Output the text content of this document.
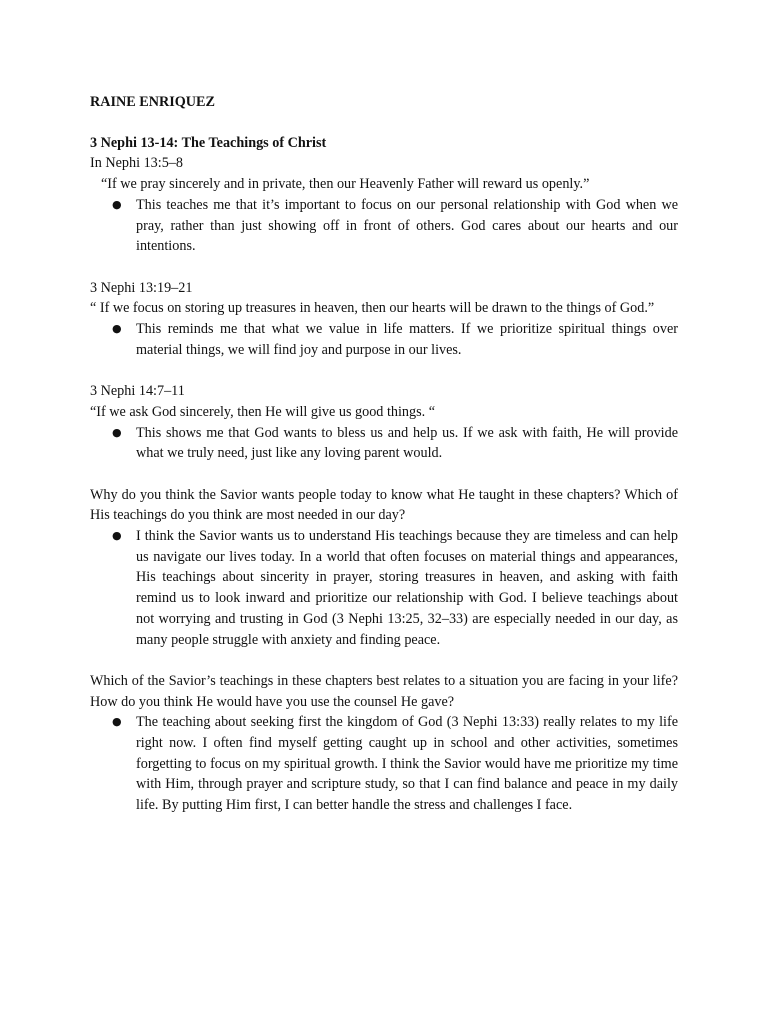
RAINE ENRIQUEZ

3 Nephi 13-14: The Teachings of Christ

In Nephi 13:5–8

“If we pray sincerely and in private, then our Heavenly Father will reward us openly.”

● This teaches me that it’s important to focus on our personal relationship with God when we pray, rather than just showing off in front of others. God cares about our hearts and our intentions.

3 Nephi 13:19–21

“ If we focus on storing up treasures in heaven, then our hearts will be drawn to the things of God.”

● This reminds me that what we value in life matters. If we prioritize spiritual things over material things, we will find joy and purpose in our lives.

3 Nephi 14:7–11

“If we ask God sincerely, then He will give us good things. “

● This shows me that God wants to bless us and help us. If we ask with faith, He will provide what we truly need, just like any loving parent would.

Why do you think the Savior wants people today to know what He taught in these chapters? Which of His teachings do you think are most needed in our day?

● I think the Savior wants us to understand His teachings because they are timeless and can help us navigate our lives today. In a world that often focuses on material things and appearances, His teachings about sincerity in prayer, storing treasures in heaven, and asking with faith remind us to look inward and prioritize our relationship with God. I believe teachings about not worrying and trusting in God (3 Nephi 13:25, 32–33) are especially needed in our day, as many people struggle with anxiety and finding peace.

Which of the Savior’s teachings in these chapters best relates to a situation you are facing in your life? How do you think He would have you use the counsel He gave?

● The teaching about seeking first the kingdom of God (3 Nephi 13:33) really relates to my life right now. I often find myself getting caught up in school and other activities, sometimes forgetting to focus on my spiritual growth. I think the Savior would have me prioritize my time with Him, through prayer and scripture study, so that I can find balance and peace in my daily life. By putting Him first, I can better handle the stress and challenges I face.
